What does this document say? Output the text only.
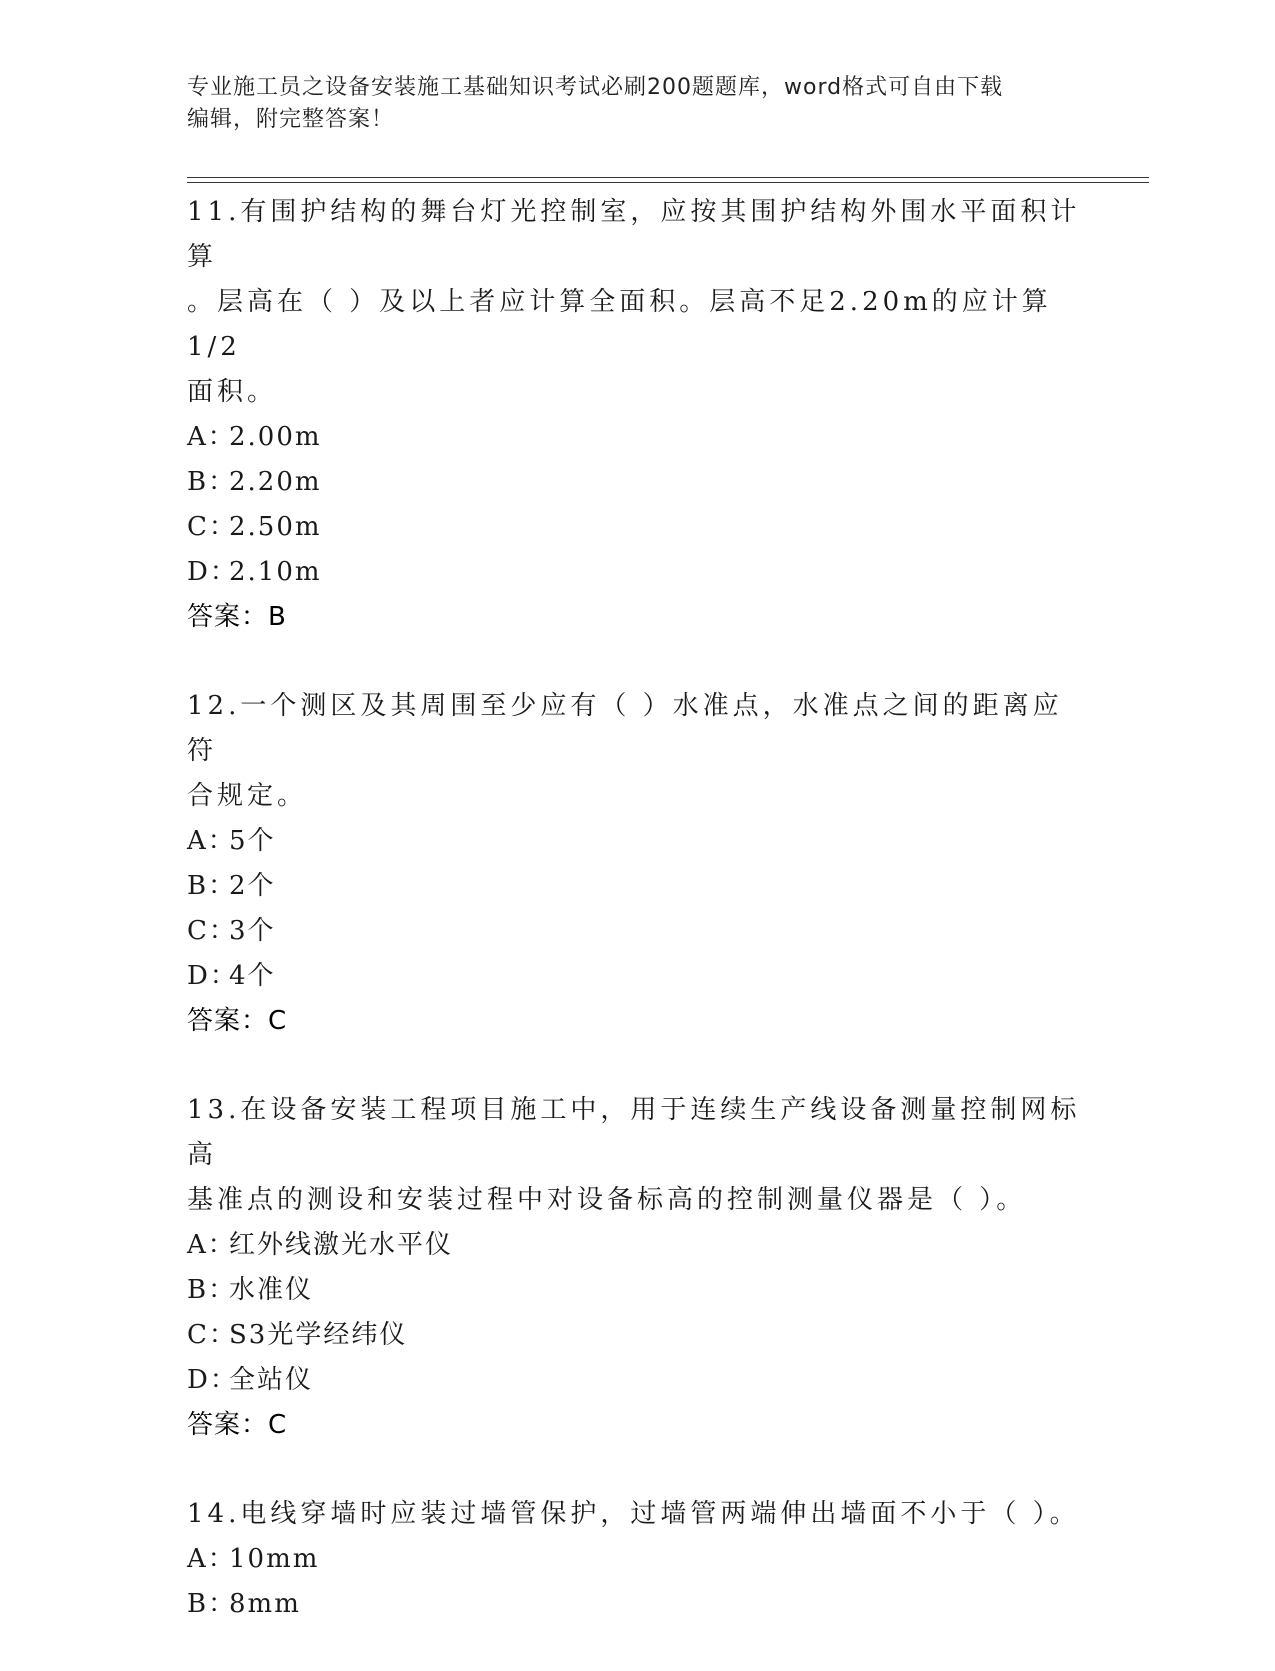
专业施工员之设备安装施工基础知识考试必刷200题题库，word格式可自由下载
编辑，附完整答案！
11.有围护结构的舞台灯光控制室，应按其围护结构外围水平面积计算
。层高在（ ）及以上者应计算全面积。层高不足2.20m的应计算1/2
面积。
A：2.00m
B：2.20m
C：2.50m
D：2.10m
答案：B
12.一个测区及其周围至少应有（ ）水准点，水准点之间的距离应符
合规定。
A：5个
B：2个
C：3个
D：4个
答案：C
13.在设备安装工程项目施工中，用于连续生产线设备测量控制网标高
基准点的测设和安装过程中对设备标高的控制测量仪器是（ ）。
A：红外线激光水平仪
B：水准仪
C：S3光学经纬仪
D：全站仪
答案：C
14.电线穿墙时应装过墙管保护，过墙管两端伸出墙面不小于（ ）。
A：10mm
B：8mm
